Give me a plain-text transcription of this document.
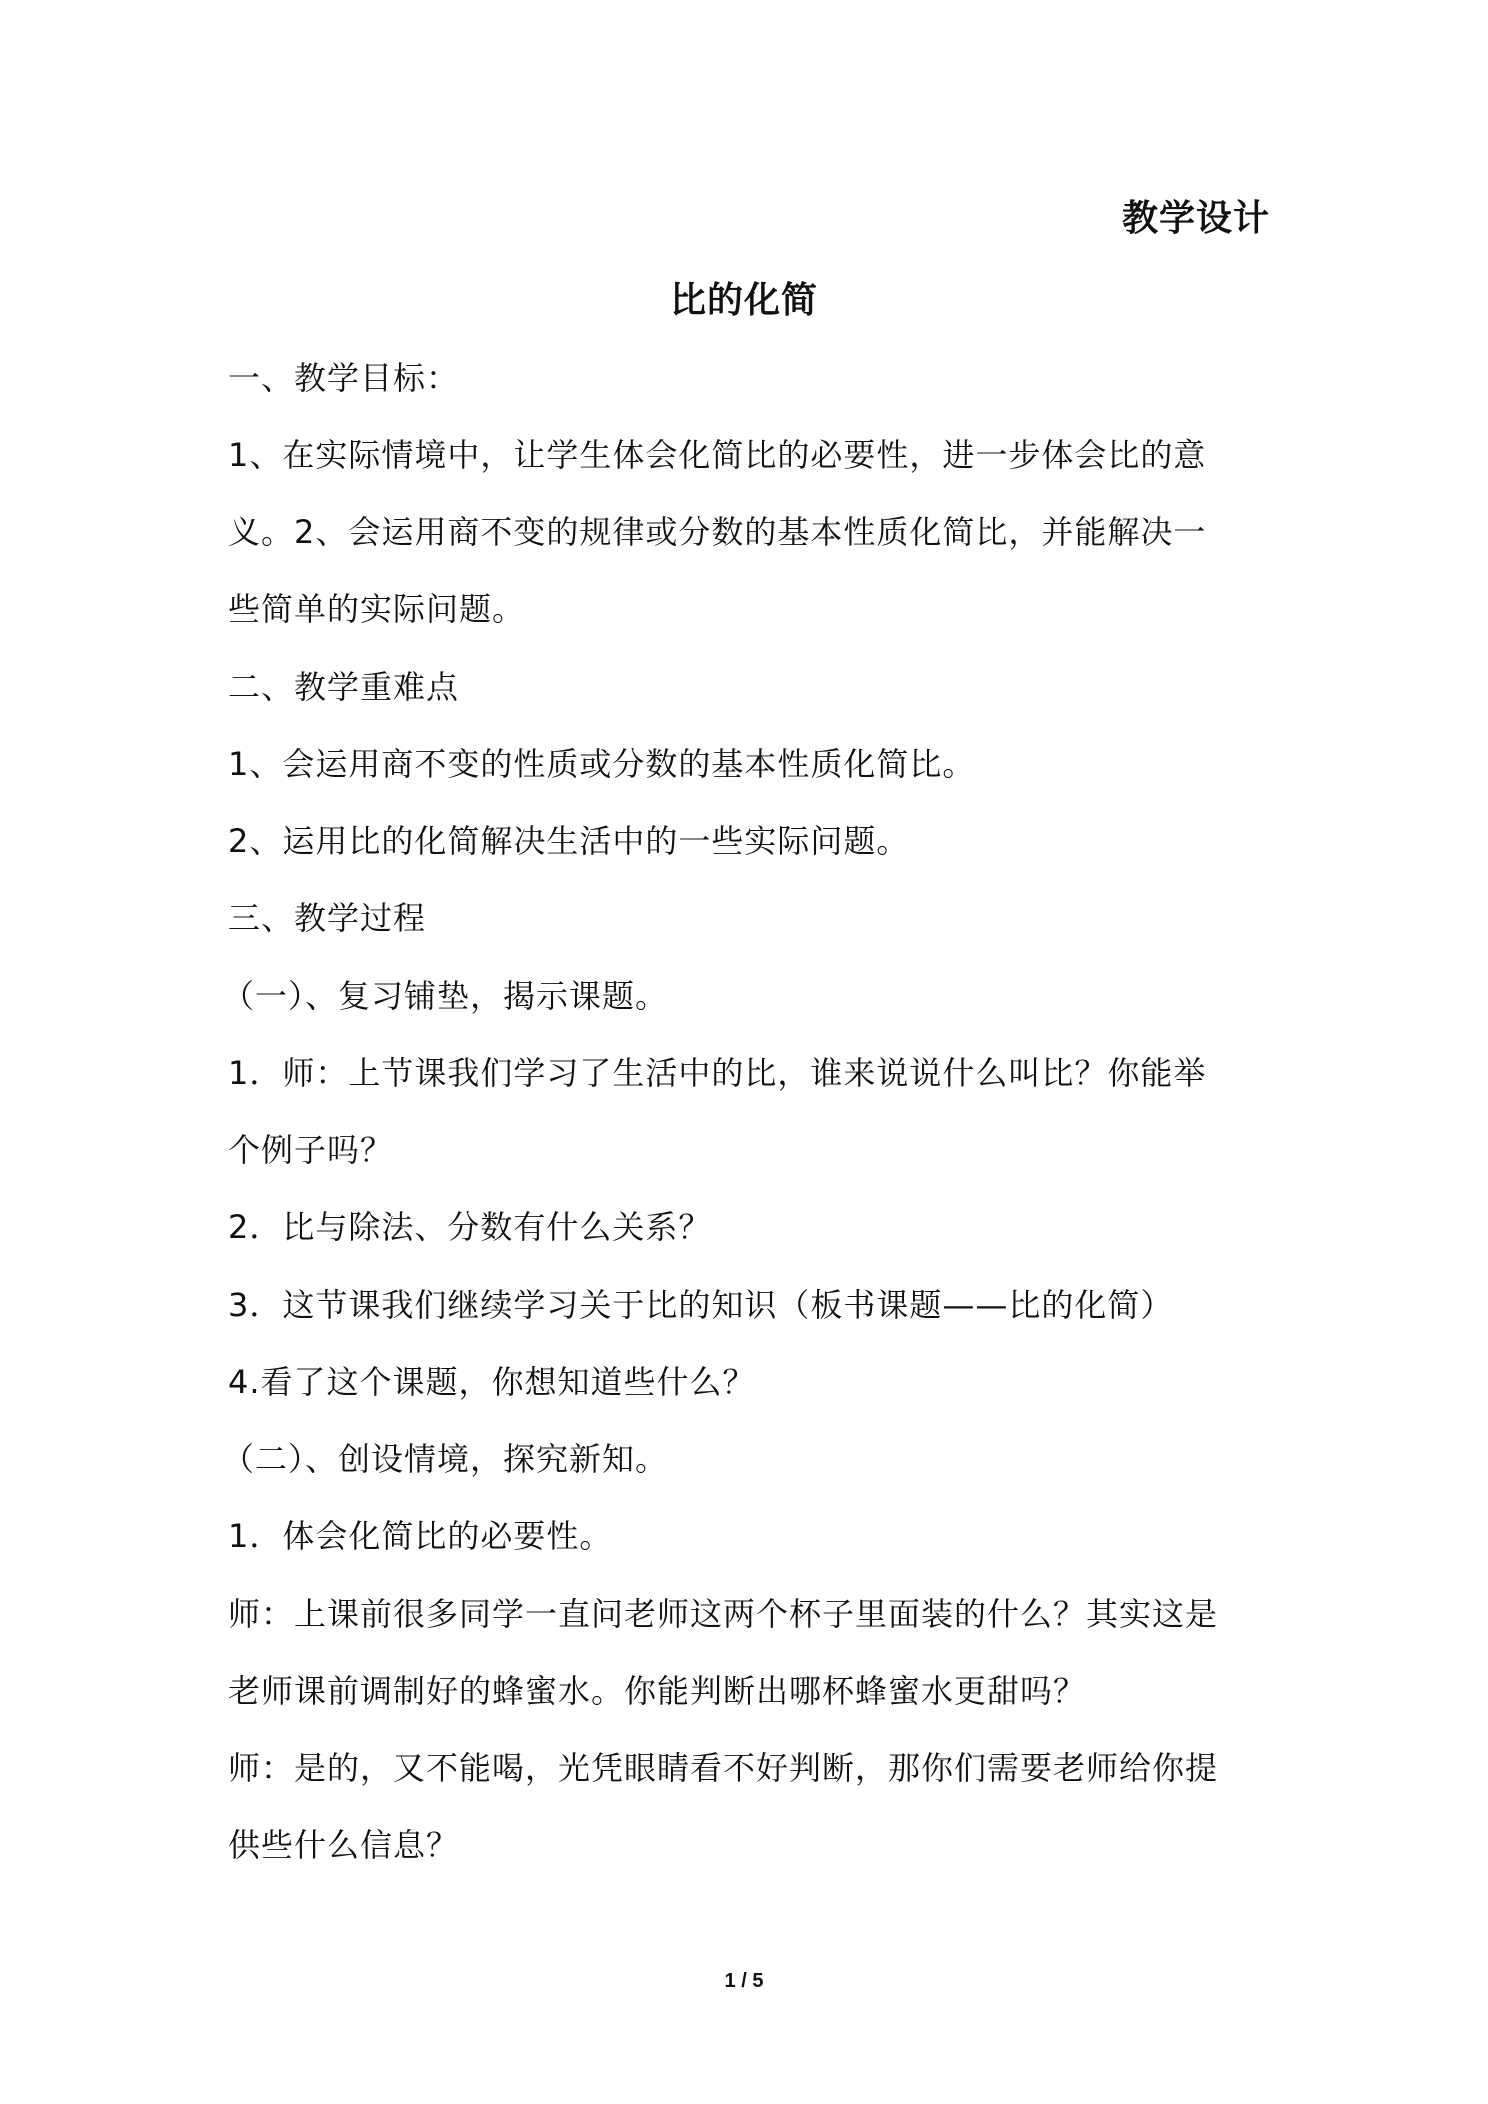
教学设计
比的化简
一、教学目标：
1、在实际情境中，让学生体会化简比的必要性，进一步体会比的意
义。2、会运用商不变的规律或分数的基本性质化简比，并能解决一
些简单的实际问题。
二、教学重难点
1、会运用商不变的性质或分数的基本性质化简比。
2、运用比的化简解决生活中的一些实际问题。
三、教学过程
（一）、复习铺垫，揭示课题。
1．师：上节课我们学习了生活中的比，谁来说说什么叫比？你能举
个例子吗？
2．比与除法、分数有什么关系？
3．这节课我们继续学习关于比的知识（板书课题——比的化简）
4.看了这个课题，你想知道些什么？
（二）、创设情境，探究新知。
1．体会化简比的必要性。
师：上课前很多同学一直问老师这两个杯子里面装的什么？其实这是
老师课前调制好的蜂蜜水。你能判断出哪杯蜂蜜水更甜吗？
师：是的，又不能喝，光凭眼睛看不好判断，那你们需要老师给你提
供些什么信息？
1 / 5
